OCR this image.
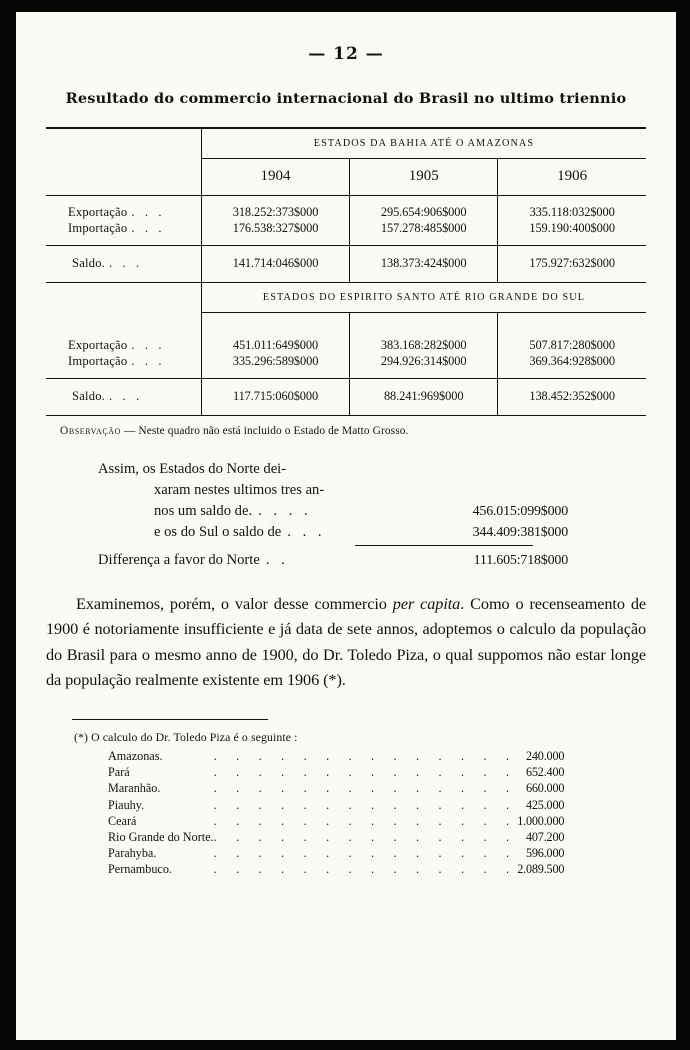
— 12 —
Resultado do commercio internacional do Brasil no ultimo triennio
	ESTADOS DA BAHIA ATÉ O AMAZONAS		
	1904	1905	1906
Exportação . . .	318.252:373$000	295.654:906$000	335.118:032$000
Importação . . .	176.538:327$000	157.278:485$000	159.190:400$000
Saldo. . . .	141.714:046$000	138.373:424$000	175.927:632$000
	ESTADOS DO ESPIRITO SANTO ATÉ RIO GRANDE DO SUL		

Exportação . . .	451.011:649$000	383.168:282$000	507.817:280$000
Importação . . .	335.296:589$000	294.926:314$000	369.364:928$000
Saldo. . . .	117.715:060$000	88.241:969$000	138.452:352$000

Observação — Neste quadro não está incluido o Estado de Matto Grosso.
Assim, os Estados do Norte dei-
xaram nestes ultimos tres an-
nos um saldo de. . . . .	456.015:099$000
e os do Sul o saldo de . . .	344.409:381$000
Differença a favor do Norte . .	111.605:718$000
Examinemos, porém, o valor desse commercio per capita. Como o recenseamento de 1900 é notoriamente insufficiente e já data de sete annos, adoptemos o calculo da população do Brasil para o mesmo anno de 1900, do Dr. Toledo Piza, o qual suppomos não estar longe da população realmente existente em 1906 (*).
(*) O calculo do Dr. Toledo Piza é o seguinte :
Amazonas.	. . . . . . . . . . . . . .	240.000
Pará	. . . . . . . . . . . . . .	652.400
Maranhão.	. . . . . . . . . . . . . .	660.000
Piauhy.	. . . . . . . . . . . . . .	425.000
Ceará	. . . . . . . . . . . . . .	1.000.000
Rio Grande do Norte.	. . . . . . . . . . . . . .	407.200
Parahyba.	. . . . . . . . . . . . . .	596.000
Pernambuco.	. . . . . . . . . . . . . .	2.089.500
